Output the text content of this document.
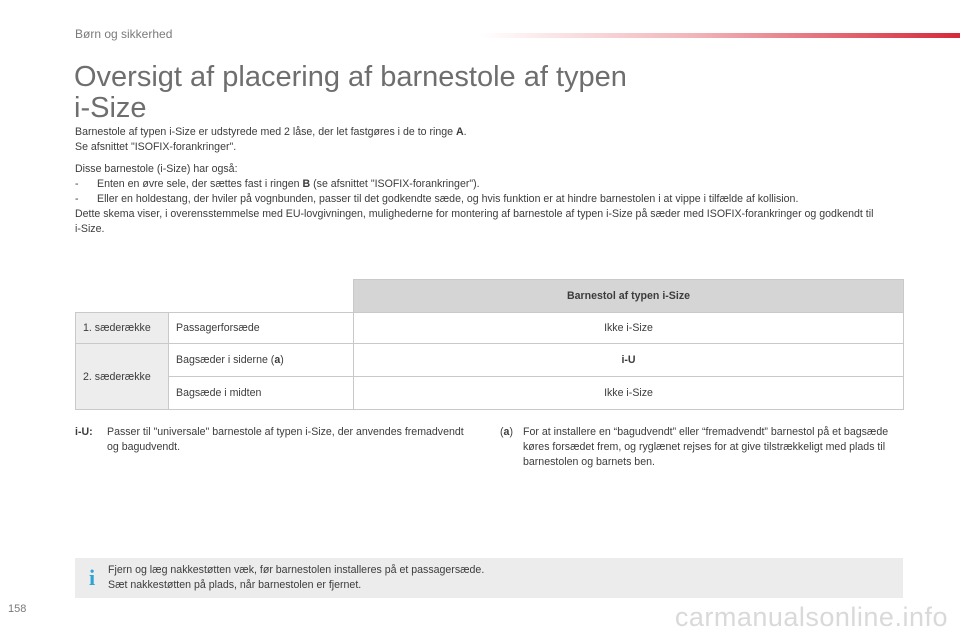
Børn og sikkerhed
Oversigt af placering af barnestole af typen
i-Size

Barnestole af typen i-Size er udstyrede med 2 låse, der let fastgøres i de to ringe A.

Se afsnittet "ISOFIX-forankringer".

Disse barnestole (i-Size) har også:

- Enten en øvre sele, der sættes fast i ringen B (se afsnittet "ISOFIX-forankringer").

- Eller en holdestang, der hviler på vognbunden, passer til det godkendte sæde, og hvis funktion er at hindre barnestolen i at vippe i tilfælde af kollision.

Dette skema viser, i overensstemmelse med EU-lovgivningen, mulighederne for montering af barnestole af typen i-Size på sæder med ISOFIX-forankringer og godkendt til i-Size.

		Barnestol af typen i-Size
1. sæderække	Passagerforsæde	Ikke i-Size
2. sæderække	Bagsæder i siderne (a)	i-U
	Bagsæde i midten	Ikke i-Size
i-U:	Passer til "universale" barnestole af typen i-Size, der anvendes fremadvendt og bagudvendt.
(a) For at installere en “bagudvendt” eller “fremadvendt” barnestol på et bagsæde køres forsædet frem, og ryglænet rejses for at give tilstrækkeligt med plads til barnestolen og barnets ben.
i	Fjern og læg nakkestøtten væk, før barnestolen installeres på et passagersæde.

Sæt nakkestøtten på plads, når barnestolen er fjernet.

158	carmanualsonline.info
